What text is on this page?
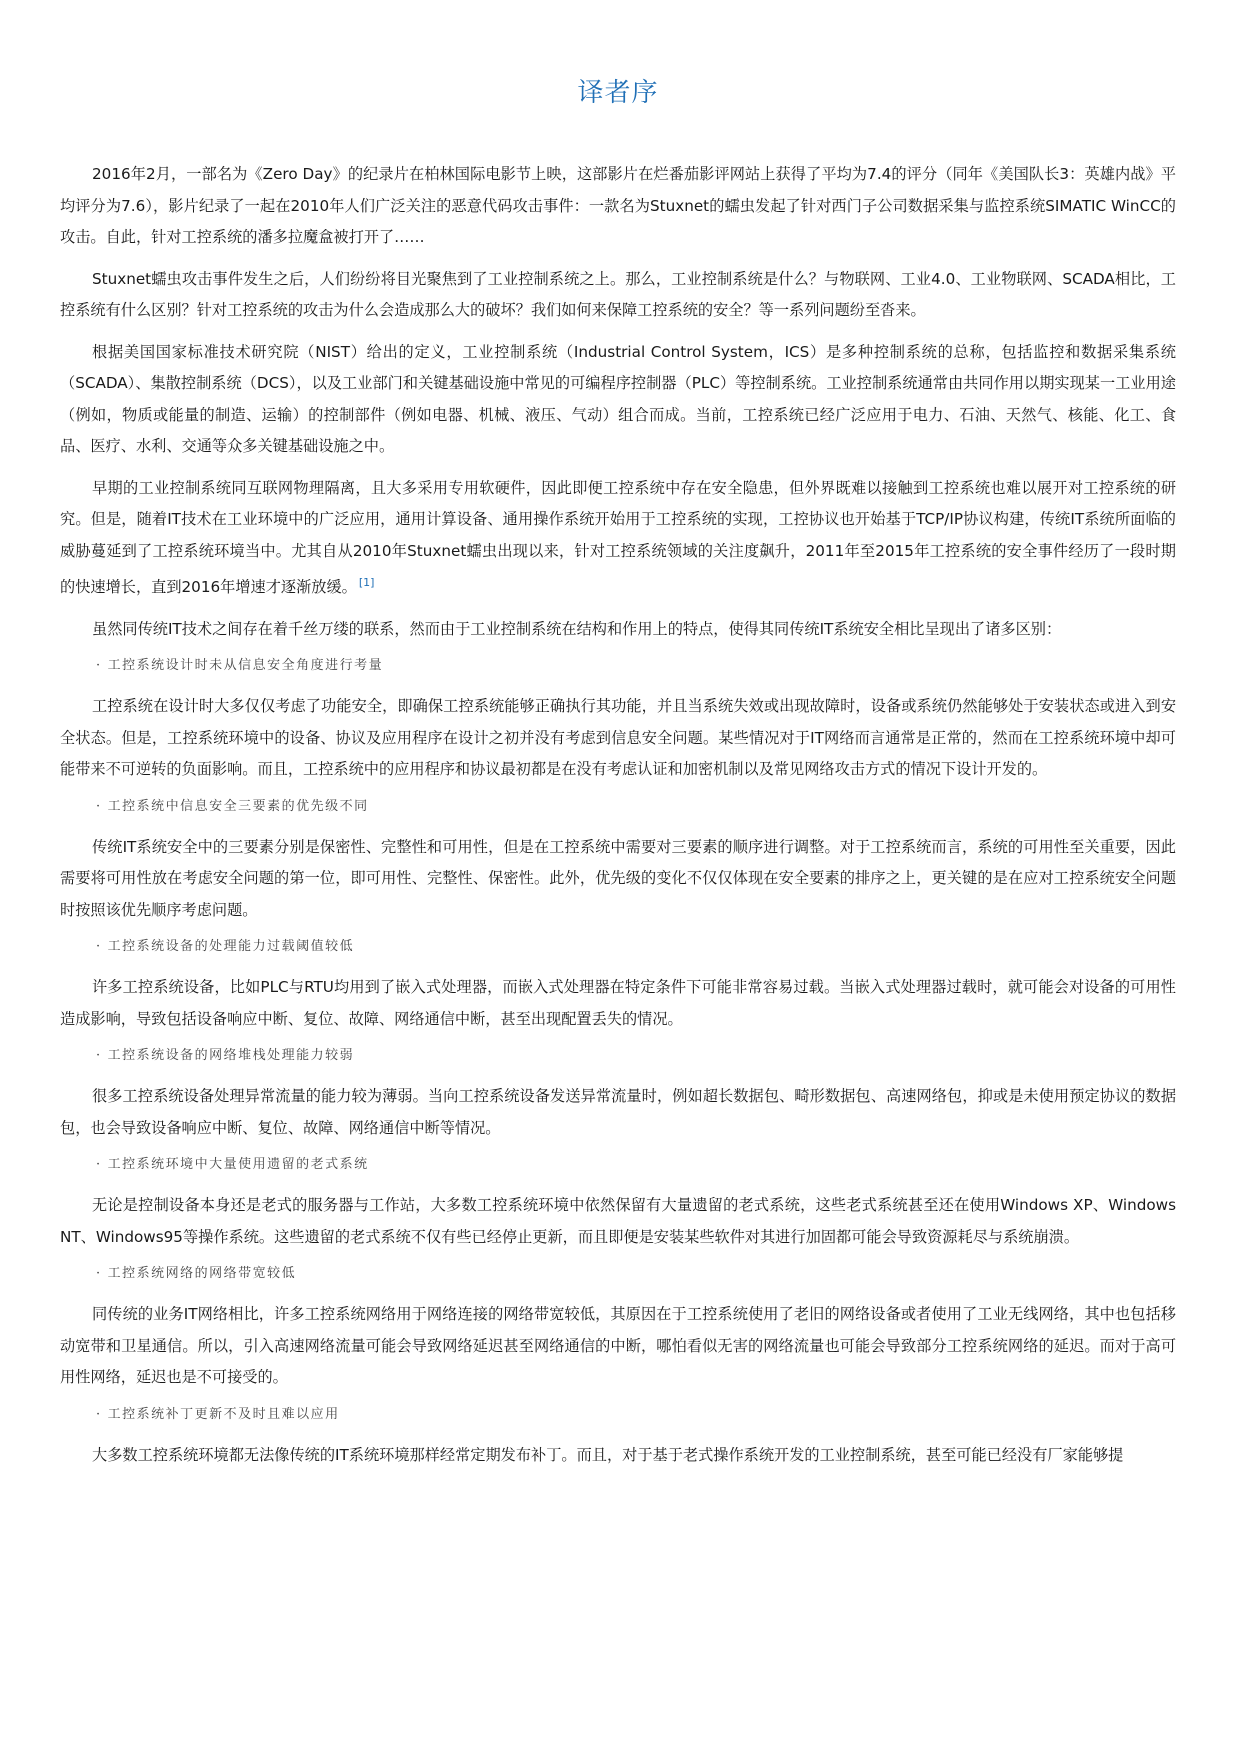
译者序

2016年2月，一部名为《Zero Day》的纪录片在柏林国际电影节上映，这部影片在烂番茄影评网站上获得了平均为7.4的评分（同年《美国队长3：英雄内战》平均评分为7.6），影片纪录了一起在2010年人们广泛关注的恶意代码攻击事件：一款名为Stuxnet的蠕虫发起了针对西门子公司数据采集与监控系统SIMATIC WinCC的攻击。自此，针对工控系统的潘多拉魔盒被打开了……

Stuxnet蠕虫攻击事件发生之后，人们纷纷将目光聚焦到了工业控制系统之上。那么，工业控制系统是什么？与物联网、工业4.0、工业物联网、SCADA相比，工控系统有什么区别？针对工控系统的攻击为什么会造成那么大的破坏？我们如何来保障工控系统的安全？等一系列问题纷至沓来。

根据美国国家标准技术研究院（NIST）给出的定义，工业控制系统（Industrial Control System，ICS）是多种控制系统的总称，包括监控和数据采集系统（SCADA）、集散控制系统（DCS），以及工业部门和关键基础设施中常见的可编程序控制器（PLC）等控制系统。工业控制系统通常由共同作用以期实现某一工业用途（例如，物质或能量的制造、运输）的控制部件（例如电器、机械、液压、气动）组合而成。当前，工控系统已经广泛应用于电力、石油、天然气、核能、化工、食品、医疗、水利、交通等众多关键基础设施之中。

早期的工业控制系统同互联网物理隔离，且大多采用专用软硬件，因此即便工控系统中存在安全隐患，但外界既难以接触到工控系统也难以展开对工控系统的研究。但是，随着IT技术在工业环境中的广泛应用，通用计算设备、通用操作系统开始用于工控系统的实现，工控协议也开始基于TCP/IP协议构建，传统IT系统所面临的威胁蔓延到了工控系统环境当中。尤其自从2010年Stuxnet蠕虫出现以来，针对工控系统领域的关注度飙升，2011年至2015年工控系统的安全事件经历了一段时期的快速增长，直到2016年增速才逐渐放缓。 [1]

虽然同传统IT技术之间存在着千丝万缕的联系，然而由于工业控制系统在结构和作用上的特点，使得其同传统IT系统安全相比呈现出了诸多区别：

· 工控系统设计时未从信息安全角度进行考量

工控系统在设计时大多仅仅考虑了功能安全，即确保工控系统能够正确执行其功能，并且当系统失效或出现故障时，设备或系统仍然能够处于安装状态或进入到安全状态。但是，工控系统环境中的设备、协议及应用程序在设计之初并没有考虑到信息安全问题。某些情况对于IT网络而言通常是正常的，然而在工控系统环境中却可能带来不可逆转的负面影响。而且，工控系统中的应用程序和协议最初都是在没有考虑认证和加密机制以及常见网络攻击方式的情况下设计开发的。

· 工控系统中信息安全三要素的优先级不同

传统IT系统安全中的三要素分别是保密性、完整性和可用性，但是在工控系统中需要对三要素的顺序进行调整。对于工控系统而言，系统的可用性至关重要，因此需要将可用性放在考虑安全问题的第一位，即可用性、完整性、保密性。此外，优先级的变化不仅仅体现在安全要素的排序之上，更关键的是在应对工控系统安全问题时按照该优先顺序考虑问题。

· 工控系统设备的处理能力过载阈值较低

许多工控系统设备，比如PLC与RTU均用到了嵌入式处理器，而嵌入式处理器在特定条件下可能非常容易过载。当嵌入式处理器过载时，就可能会对设备的可用性造成影响，导致包括设备响应中断、复位、故障、网络通信中断，甚至出现配置丢失的情况。

· 工控系统设备的网络堆栈处理能力较弱

很多工控系统设备处理异常流量的能力较为薄弱。当向工控系统设备发送异常流量时，例如超长数据包、畸形数据包、高速网络包，抑或是未使用预定协议的数据包，也会导致设备响应中断、复位、故障、网络通信中断等情况。

· 工控系统环境中大量使用遗留的老式系统

无论是控制设备本身还是老式的服务器与工作站，大多数工控系统环境中依然保留有大量遗留的老式系统，这些老式系统甚至还在使用Windows XP、Windows NT、Windows95等操作系统。这些遗留的老式系统不仅有些已经停止更新，而且即便是安装某些软件对其进行加固都可能会导致资源耗尽与系统崩溃。

· 工控系统网络的网络带宽较低

同传统的业务IT网络相比，许多工控系统网络用于网络连接的网络带宽较低，其原因在于工控系统使用了老旧的网络设备或者使用了工业无线网络，其中也包括移动宽带和卫星通信。所以，引入高速网络流量可能会导致网络延迟甚至网络通信的中断，哪怕看似无害的网络流量也可能会导致部分工控系统网络的延迟。而对于高可用性网络，延迟也是不可接受的。

· 工控系统补丁更新不及时且难以应用

大多数工控系统环境都无法像传统的IT系统环境那样经常定期发布补丁。而且，对于基于老式操作系统开发的工业控制系统，甚至可能已经没有厂家能够提
